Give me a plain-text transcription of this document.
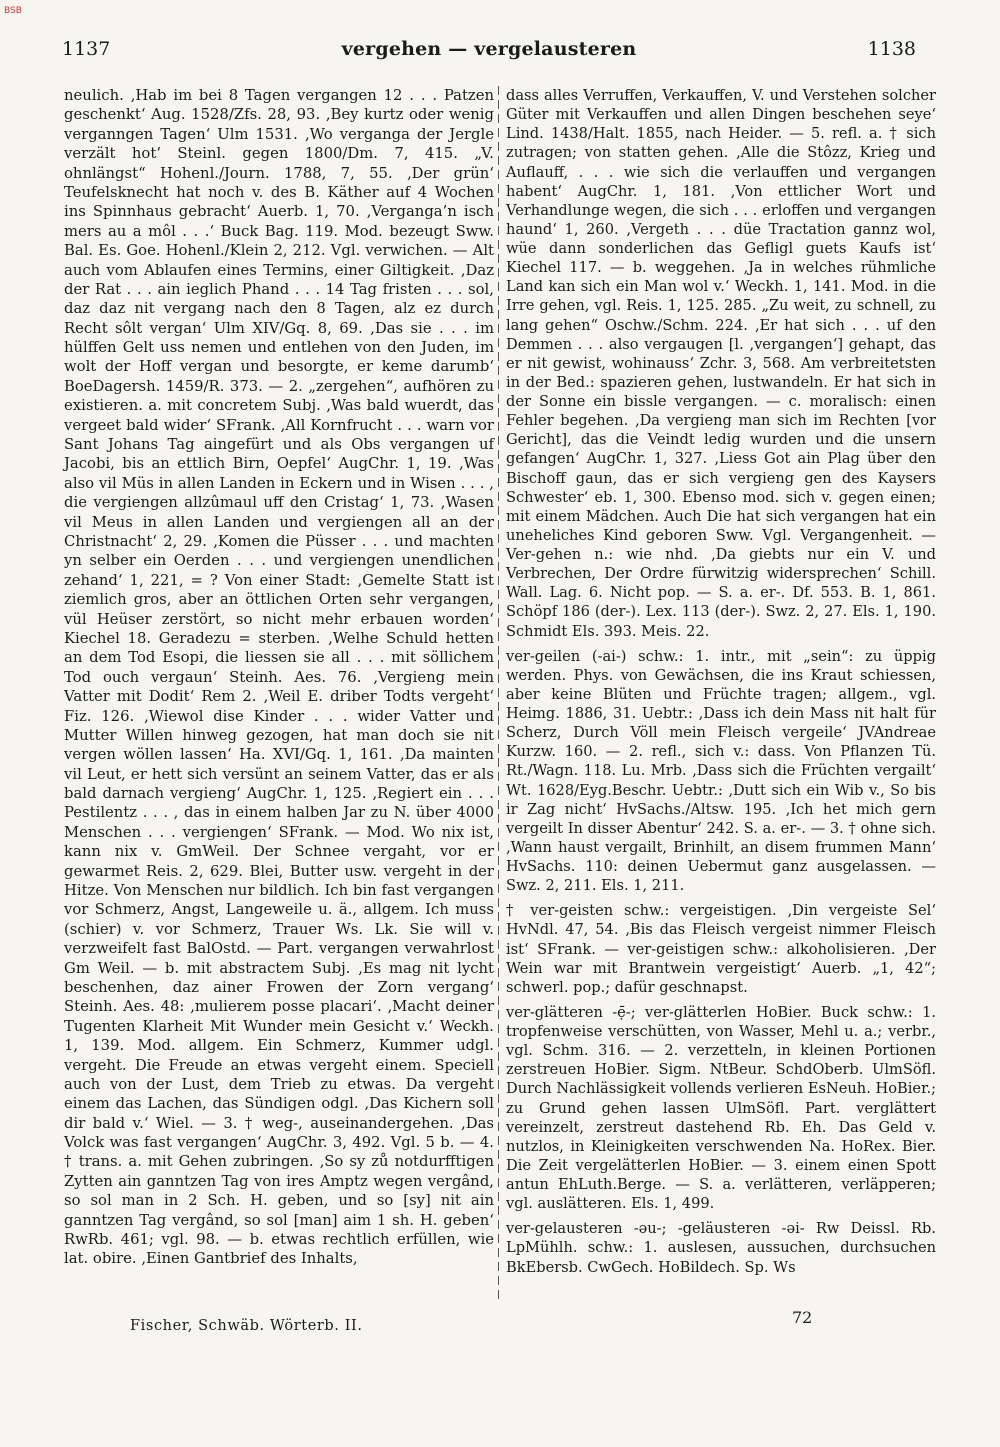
BSB
1137	vergehen — vergelausteren	1138

neulich. ‚Hab im bei 8 Tagen vergangen 12 . . . Patzen geschenkt‘ Aug. 1528/Zfs. 28, 93. ‚Bey kurtz oder wenig verganngen Tagen‘ Ulm 1531. ‚Wo verganga der Jergle verzält hot‘ Steinl. gegen 1800/Dm. 7, 415. „V. ohnlängst“ Hohenl./Journ. 1788, 7, 55. ‚Der grün‘ Teufelsknecht hat noch v. des B. Käther auf 4 Wochen ins Spinnhaus gebracht‘ Auerb. 1, 70. ‚Verganga’n isch mers au a môl . . .‘ Buck Bag. 119. Mod. bezeugt Sww. Bal. Es. Goe. Hohenl./Klein 2, 212. Vgl. verwichen. — Alt auch vom Ablaufen eines Termins, einer Giltigkeit. ‚Daz der Rat . . . ain ieglich Phand . . . 14 Tag fristen . . . sol, daz daz nit vergang nach den 8 Tagen, alz ez durch Recht sôlt vergan‘ Ulm XIV/Gq. 8, 69. ‚Das sie . . . im hülffen Gelt uss nemen und entlehen von den Juden, im wolt der Hoff vergan und besorgte, er keme darumb‘ BoeDagersh. 1459/R. 373. — 2. „zergehen“, aufhören zu existieren. a. mit concretem Subj. ‚Was bald wuerdt, das vergeet bald wider‘ SFrank. ‚All Kornfrucht . . . warn vor Sant Johans Tag aingefürt und als Obs vergangen uf Jacobi, bis an ettlich Birn, Oepfel‘ AugChr. 1, 19. ‚Was also vil Müs in allen Landen in Eckern und in Wisen . . . , die vergiengen allzûmaul uff den Cristag‘ 1, 73. ‚Wasen vil Meus in allen Landen und vergiengen all an der Christnacht‘ 2, 29. ‚Komen die Püsser . . . und machten yn selber ein Oerden . . . und vergiengen unendlichen zehand‘ 1, 221, = ? Von einer Stadt: ‚Gemelte Statt ist ziemlich gros, aber an öttlichen Orten sehr vergangen, vül Heüser zerstört, so nicht mehr erbauen worden‘ Kiechel 18. Geradezu = sterben. ‚Welhe Schuld hetten an dem Tod Esopi, die liessen sie all . . . mit söllichem Tod ouch vergaun‘ Steinh. Aes. 76. ‚Vergieng mein Vatter mit Dodit‘ Rem 2. ‚Weil E. driber Todts vergeht‘ Fiz. 126. ‚Wiewol dise Kinder . . . wider Vatter und Mutter Willen hinweg gezogen, hat man doch sie nit vergen wöllen lassen‘ Ha. XVI/Gq. 1, 161. ‚Da mainten vil Leut, er hett sich versünt an seinem Vatter, das er als bald darnach vergieng‘ AugChr. 1, 125. ‚Regiert ein . . . Pestilentz . . . , das in einem halben Jar zu N. über 4000 Menschen . . . vergiengen‘ SFrank. — Mod. Wo nix ist, kann nix v. GmWeil. Der Schnee vergaht, vor er gewarmet Reis. 2, 629. Blei, Butter usw. vergeht in der Hitze. Von Menschen nur bildlich. Ich bin fast vergangen vor Schmerz, Angst, Langeweile u. ä., allgem. Ich muss (schier) v. vor Schmerz, Trauer Ws. Lk. Sie will v. verzweifelt fast BalOstd. — Part. vergangen verwahrlost Gm Weil. — b. mit abstractem Subj. ‚Es mag nit lycht beschenhen, daz ainer Frowen der Zorn vergang‘ Steinh. Aes. 48: ‚mulierem posse placari‘. ‚Macht deiner Tugenten Klarheit Mit Wunder mein Gesicht v.‘ Weckh. 1, 139. Mod. allgem. Ein Schmerz, Kummer udgl. vergeht. Die Freude an etwas vergeht einem. Speciell auch von der Lust, dem Trieb zu etwas. Da vergeht einem das Lachen, das Sündigen odgl. ‚Das Kichern soll dir bald v.‘ Wiel. — 3. † weg-, auseinandergehen. ‚Das Volck was fast vergangen‘ AugChr. 3, 492. Vgl. 5 b. — 4. † trans. a. mit Gehen zubringen. ‚So sy zů notdurfftigen Zytten ain ganntzen Tag von ires Amptz wegen vergând, so sol man in 2 Sch. H. geben, und so [sy] nit ain ganntzen Tag vergând, so sol [man] aim 1 sh. H. geben‘ RwRb. 461; vgl. 98. — b. etwas rechtlich erfüllen, wie lat. obire. ‚Einen Gantbrief des Inhalts,

dass alles Verruffen, Verkauffen, V. und Verstehen solcher Güter mit Verkauffen und allen Dingen beschehen seye‘ Lind. 1438/Halt. 1855, nach Heider. — 5. refl. a. † sich zutragen; von statten gehen. ‚Alle die Stôzz, Krieg und Auflauff, . . . wie sich die verlauffen und vergangen habent‘ AugChr. 1, 181. ‚Von ettlicher Wort und Verhandlunge wegen, die sich . . . erloffen und vergangen haund‘ 1, 260. ‚Vergeth . . . düe Tractation gannz wol, wüe dann sonderlichen das Gefligl guets Kaufs ist‘ Kiechel 117. — b. weggehen. ‚Ja in welches rühmliche Land kan sich ein Man wol v.‘ Weckh. 1, 141. Mod. in die Irre gehen, vgl. Reis. 1, 125. 285. „Zu weit, zu schnell, zu lang gehen“ Oschw./Schm. 224. ‚Er hat sich . . . uf den Demmen . . . also vergaugen [l. ‚vergangen‘] gehapt, das er nit gewist, wohinauss‘ Zchr. 3, 568. Am verbreitetsten in der Bed.: spazieren gehen, lustwandeln. Er hat sich in der Sonne ein bissle vergangen. — c. moralisch: einen Fehler begehen. ‚Da vergieng man sich im Rechten [vor Gericht], das die Veindt ledig wurden und die unsern gefangen‘ AugChr. 1, 327. ‚Liess Got ain Plag über den Bischoff gaun, das er sich vergieng gen des Kaysers Schwester‘ eb. 1, 300. Ebenso mod. sich v. gegen einen; mit einem Mädchen. Auch Die hat sich vergangen hat ein uneheliches Kind geboren Sww. Vgl. Vergangenheit. — Ver-gehen n.: wie nhd. ‚Da giebts nur ein V. und Verbrechen, Der Ordre fürwitzig widersprechen‘ Schill. Wall. Lag. 6. Nicht pop. — S. a. er-. Df. 553. B. 1, 861. Schöpf 186 (der-). Lex. 113 (der-). Swz. 2, 27. Els. 1, 190. Schmidt Els. 393. Meis. 22.

ver-geilen (-ai-) schw.: 1. intr., mit „sein“: zu üppig werden. Phys. von Gewächsen, die ins Kraut schiessen, aber keine Blüten und Früchte tragen; allgem., vgl. Heimg. 1886, 31. Uebtr.: ‚Dass ich dein Mass nit halt für Scherz, Durch Völl mein Fleisch vergeile‘ JVAndreae Kurzw. 160. — 2. refl., sich v.: dass. Von Pflanzen Tü. Rt./Wagn. 118. Lu. Mrb. ‚Dass sich die Früchten vergailt‘ Wt. 1628/Eyg.Beschr. Uebtr.: ‚Dutt sich ein Wib v., So bis ir Zag nicht‘ HvSachs./Altsw. 195. ‚Ich het mich gern vergeilt In disser Abentur‘ 242. S. a. er-. — 3. † ohne sich. ‚Wann haust vergailt, Brinhilt, an disem frummen Mann‘ HvSachs. 110: deinen Uebermut ganz ausgelassen. — Swz. 2, 211. Els. 1, 211.

† ver-geisten schw.: vergeistigen. ‚Din vergeiste Sel‘ HvNdl. 47, 54. ‚Bis das Fleisch vergeist nimmer Fleisch ist‘ SFrank. — ver-geistigen schw.: alkoholisieren. ‚Der Wein war mit Brantwein vergeistigt‘ Auerb. „1, 42“; schwerl. pop.; dafür geschnapst.

ver-glätteren -ẹ̄-; ver-glätterlen HoBier. Buck schw.: 1. tropfenweise verschütten, von Wasser, Mehl u. a.; verbr., vgl. Schm. 316. — 2. verzetteln, in kleinen Portionen zerstreuen HoBier. Sigm. NtBeur. SchdOberb. UlmSöfl. Durch Nachlässigkeit vollends verlieren EsNeuh. HoBier.; zu Grund gehen lassen UlmSöfl. Part. verglättert vereinzelt, zerstreut dastehend Rb. Eh. Das Geld v. nutzlos, in Kleinigkeiten verschwenden Na. HoRex. Bier. Die Zeit vergelätterlen HoBier. — 3. einem einen Spott antun EhLuth.Berge. — S. a. verlätteren, verläpperen; vgl. auslätteren. Els. 1, 499.

ver-gelausteren -əu-; -geläusteren -əi- Rw Deissl. Rb. LpMühlh. schw.: 1. auslesen, aussuchen, durchsuchen BkEbersb. CwGech. HoBildech. Sp. Ws

Fischer, Schwäb. Wörterb. II.	72
